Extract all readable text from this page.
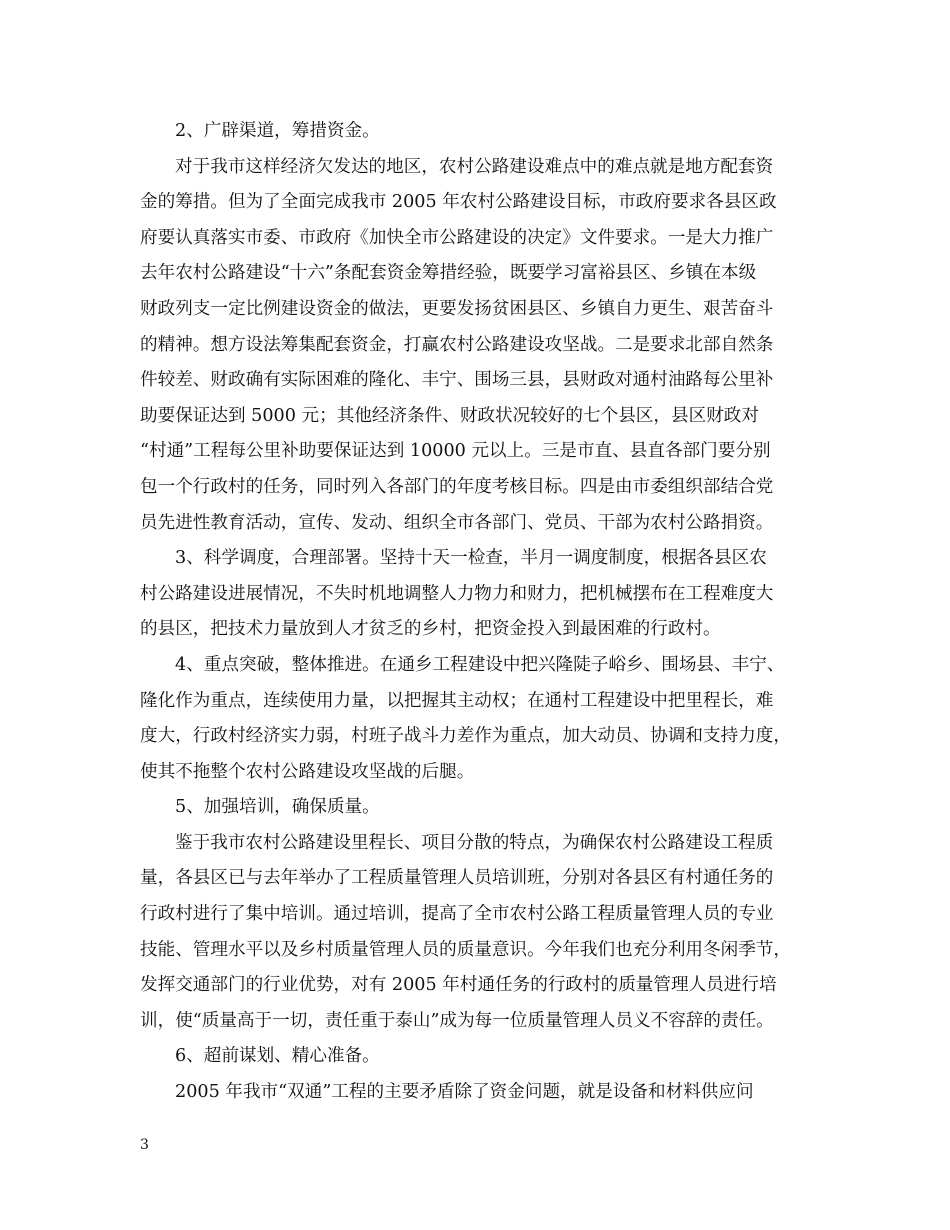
2、广辟渠道，筹措资金。
对于我市这样经济欠发达的地区，农村公路建设难点中的难点就是地方配套资
金的筹措。但为了全面完成我市 2005 年农村公路建设目标，市政府要求各县区政
府要认真落实市委、市政府《加快全市公路建设的决定》文件要求。一是大力推广
去年农村公路建设“十六”条配套资金筹措经验，既要学习富裕县区、乡镇在本级
财政列支一定比例建设资金的做法，更要发扬贫困县区、乡镇自力更生、艰苦奋斗
的精神。想方设法筹集配套资金，打赢农村公路建设攻坚战。二是要求北部自然条
件较差、财政确有实际困难的隆化、丰宁、围场三县，县财政对通村油路每公里补
助要保证达到 5000 元；其他经济条件、财政状况较好的七个县区，县区财政对
“村通”工程每公里补助要保证达到 10000 元以上。三是市直、县直各部门要分别
包一个行政村的任务，同时列入各部门的年度考核目标。四是由市委组织部结合党
员先进性教育活动，宣传、发动、组织全市各部门、党员、干部为农村公路捐资。
3、科学调度，合理部署。坚持十天一检查，半月一调度制度，根据各县区农
村公路建设进展情况，不失时机地调整人力物力和财力，把机械摆布在工程难度大
的县区，把技术力量放到人才贫乏的乡村，把资金投入到最困难的行政村。
4、重点突破，整体推进。在通乡工程建设中把兴隆陡子峪乡、围场县、丰宁、
隆化作为重点，连续使用力量，以把握其主动权；在通村工程建设中把里程长，难
度大，行政村经济实力弱，村班子战斗力差作为重点，加大动员、协调和支持力度，
使其不拖整个农村公路建设攻坚战的后腿。
5、加强培训，确保质量。
鉴于我市农村公路建设里程长、项目分散的特点，为确保农村公路建设工程质
量，各县区已与去年举办了工程质量管理人员培训班，分别对各县区有村通任务的
行政村进行了集中培训。通过培训，提高了全市农村公路工程质量管理人员的专业
技能、管理水平以及乡村质量管理人员的质量意识。今年我们也充分利用冬闲季节，
发挥交通部门的行业优势，对有 2005 年村通任务的行政村的质量管理人员进行培
训，使“质量高于一切，责任重于泰山”成为每一位质量管理人员义不容辞的责任。
6、超前谋划、精心准备。
2005 年我市“双通”工程的主要矛盾除了资金问题，就是设备和材料供应问
3
